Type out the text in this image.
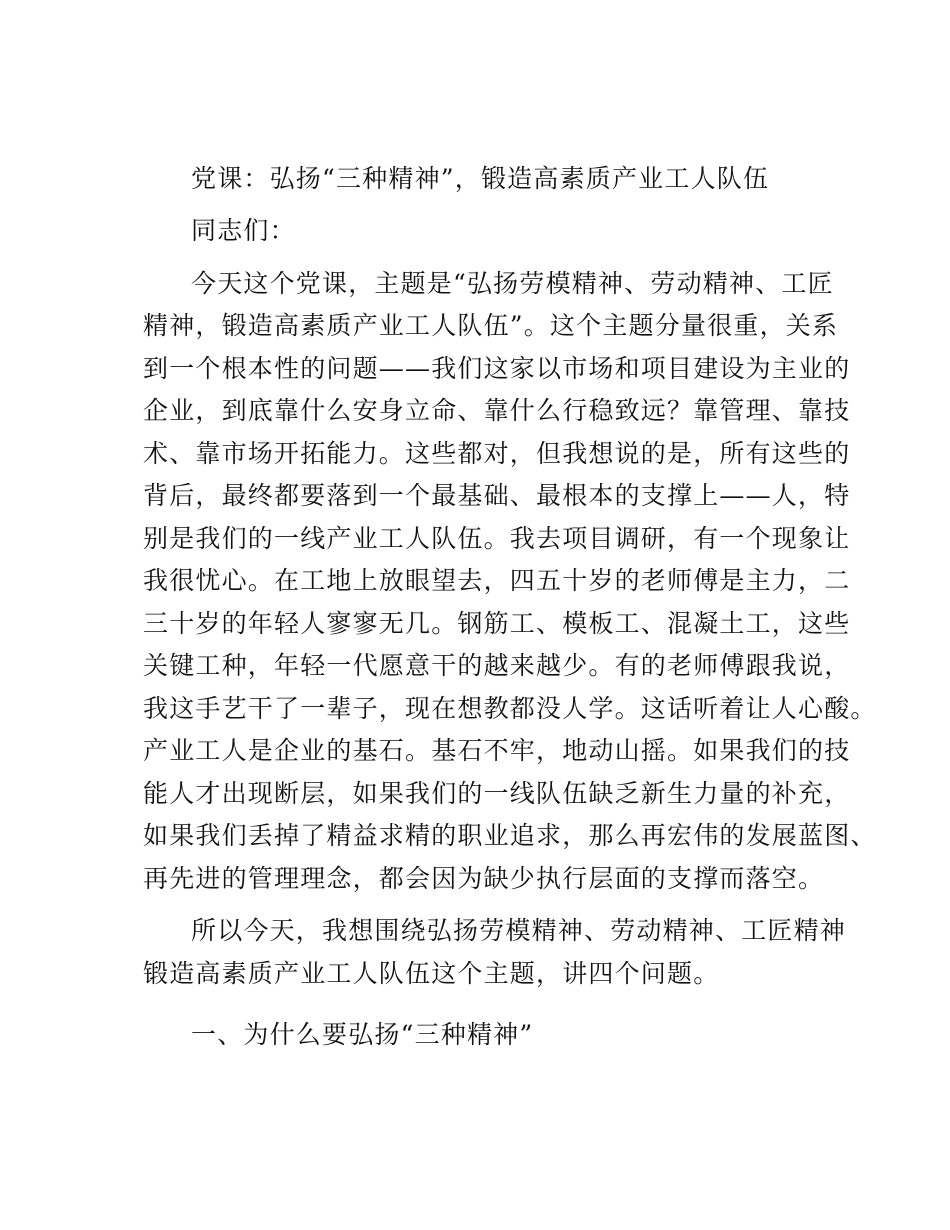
党课：弘扬“三种精神”，锻造高素质产业工人队伍
同志们：
今天这个党课，主题是“弘扬劳模精神、劳动精神、工匠
精神，锻造高素质产业工人队伍”。这个主题分量很重，关系
到一个根本性的问题——我们这家以市场和项目建设为主业的
企业，到底靠什么安身立命、靠什么行稳致远？靠管理、靠技
术、靠市场开拓能力。这些都对，但我想说的是，所有这些的
背后，最终都要落到一个最基础、最根本的支撑上——人，特
别是我们的一线产业工人队伍。我去项目调研，有一个现象让
我很忧心。在工地上放眼望去，四五十岁的老师傅是主力，二
三十岁的年轻人寥寥无几。钢筋工、模板工、混凝土工，这些
关键工种，年轻一代愿意干的越来越少。有的老师傅跟我说，
我这手艺干了一辈子，现在想教都没人学。这话听着让人心酸。
产业工人是企业的基石。基石不牢，地动山摇。如果我们的技
能人才出现断层，如果我们的一线队伍缺乏新生力量的补充，
如果我们丢掉了精益求精的职业追求，那么再宏伟的发展蓝图、
再先进的管理理念，都会因为缺少执行层面的支撑而落空。
所以今天，我想围绕弘扬劳模精神、劳动精神、工匠精神
锻造高素质产业工人队伍这个主题，讲四个问题。
一、为什么要弘扬“三种精神”
